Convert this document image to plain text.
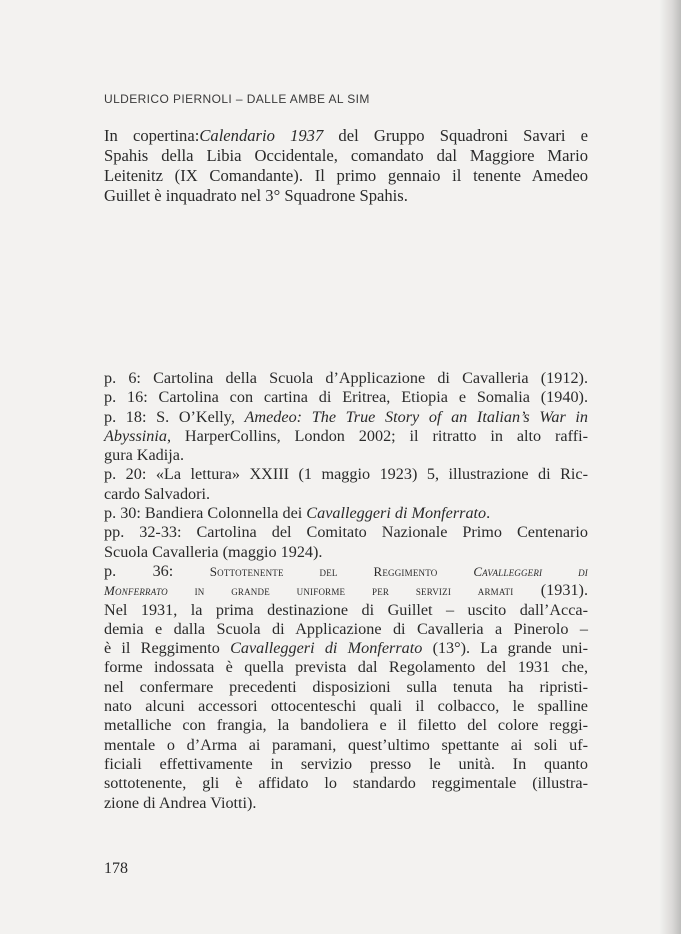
ULDERICO PIERNOLI – DALLE AMBE AL SIM
In copertina:Calendario 1937 del Gruppo Squadroni Savari e
Spahis della Libia Occidentale, comandato dal Maggiore Mario
Leitenitz (IX Comandante). Il primo gennaio il tenente Amedeo
Guillet è inquadrato nel 3° Squadrone Spahis.
p. 6: Cartolina della Scuola d’Applicazione di Cavalleria (1912).
p. 16: Cartolina con cartina di Eritrea, Etiopia e Somalia (1940).
p. 18: S. O’Kelly, Amedeo: The True Story of an Italian’s War in
Abyssinia, HarperCollins, London 2002; il ritratto in alto raffi-
gura Kadija.
p. 20: «La lettura» XXIII (1 maggio 1923) 5, illustrazione di Ric-
cardo Salvadori.
p. 30: Bandiera Colonnella dei Cavalleggeri di Monferrato.
pp. 32-33: Cartolina del Comitato Nazionale Primo Centenario
Scuola Cavalleria (maggio 1924).
p. 36: Sottotenente del Reggimento Cavalleggeri di
Monferrato in grande uniforme per servizi armati (1931).
Nel 1931, la prima destinazione di Guillet – uscito dall’Acca-
demia e dalla Scuola di Applicazione di Cavalleria a Pinerolo –
è il Reggimento Cavalleggeri di Monferrato (13°). La grande uni-
forme indossata è quella prevista dal Regolamento del 1931 che,
nel confermare precedenti disposizioni sulla tenuta ha ripristi-
nato alcuni accessori ottocenteschi quali il colbacco, le spalline
metalliche con frangia, la bandoliera e il filetto del colore reggi-
mentale o d’Arma ai paramani, quest’ultimo spettante ai soli uf-
ficiali effettivamente in servizio presso le unità. In quanto
sottotenente, gli è affidato lo standardo reggimentale (illustra-
zione di Andrea Viotti).
178
